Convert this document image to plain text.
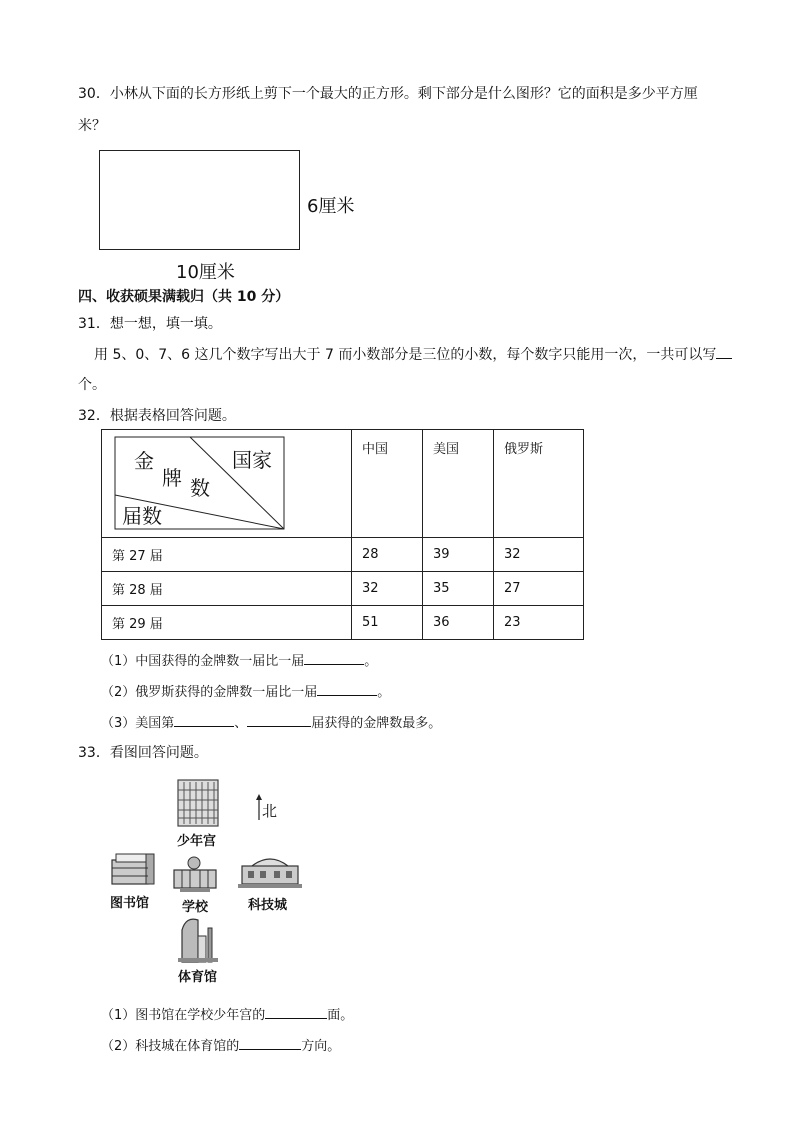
30．小林从下面的长方形纸上剪下一个最大的正方形。剩下部分是什么图形？它的面积是多少平方厘
米？
6厘米
10厘米
四、收获硕果满载归（共 10 分）
31．想一想，填一填。
用 5、0、7、6 这几个数字写出大于 7 而小数部分是三位的小数，每个数字只能用一次，一共可以写
个。
32．根据表格回答问题。
金
牌 数
国家
届数	中国	美国	俄罗斯
第 27 届	28	39	32
第 28 届	32	35	27
第 29 届	51	36	23
（1）中国获得的金牌数一届比一届	。
（2）俄罗斯获得的金牌数一届比一届	。
（3）美国第	、	届获得的金牌数最多。
33．看图回答问题。
北
少年宫
图书馆	学校	科技城
体育馆
（1）图书馆在学校少年宫的	面。
（2）科技城在体育馆的	方向。
